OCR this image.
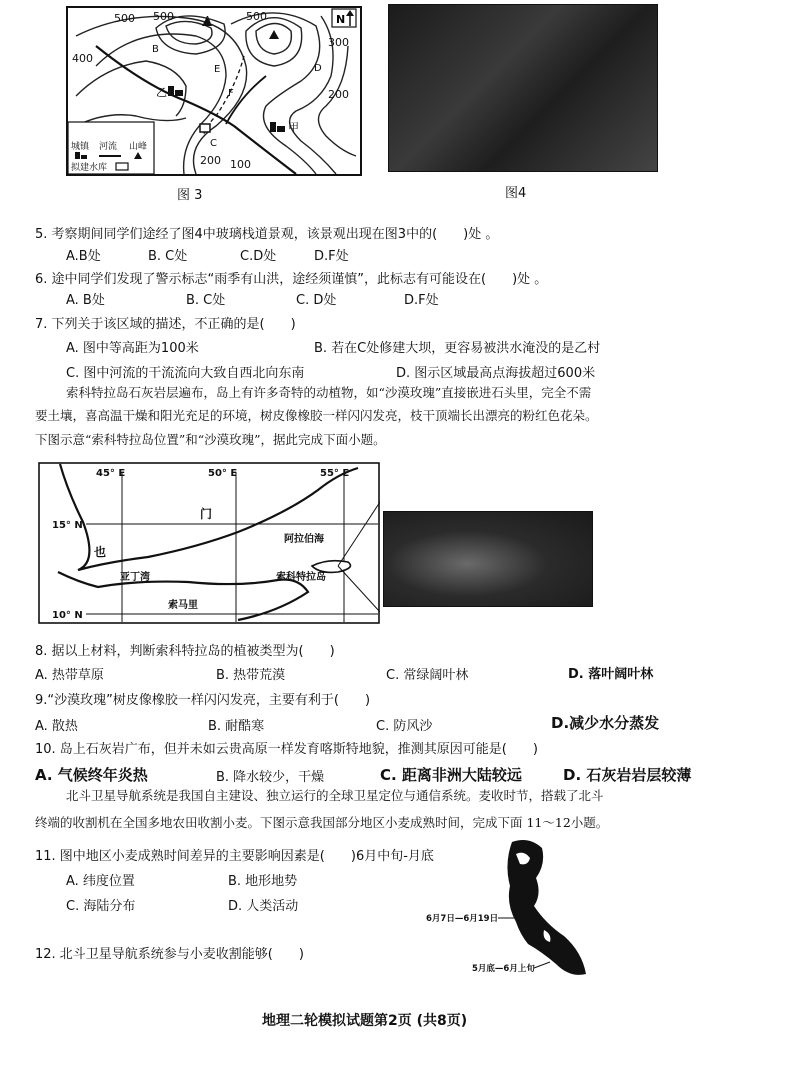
N
500 500	500
400
300
200
200 100
A
B
C
D
E
F
乙
甲
城镇 河流 山峰
拟建水库
图 3	图4
5. 考察期间同学们途经了图4中玻璃栈道景观，该景观出现在图3中的(　　)处 。
A.B处	B. C处	C.D处	D.F处
6. 途中同学们发现了警示标志“雨季有山洪，途经须谨慎”，此标志有可能设在(　　)处 。
A. B处	B. C处	C. D处	D.F处
7. 下列关于该区域的描述，不正确的是(　　)
A. 图中等高距为100米	B. 若在C处修建大坝，更容易被洪水淹没的是乙村
C. 图中河流的干流流向大致自西北向东南	D. 图示区域最高点海拔超过600米
索科特拉岛石灰岩层遍布，岛上有许多奇特的动植物，如“沙漠玫瑰”直接嵌进石头里，完全不需
要土壤，喜高温干燥和阳光充足的环境，树皮像橡胶一样闪闪发亮，枝干顶端长出漂亮的粉红色花朵。
下图示意“索科特拉岛位置”和“沙漠玫瑰”，据此完成下面小题。
45° E	50° E	55° E
15° N
10° N
门
也
亚丁湾
阿拉伯海
索科特拉岛
索马里
8. 据以上材料，判断索科特拉岛的植被类型为(　　)
A. 热带草原	B. 热带荒漠	C. 常绿阔叶林	D. 落叶阔叶林
9.“沙漠玫瑰”树皮像橡胶一样闪闪发亮，主要有利于(　　)
A. 散热	B. 耐酷寒	C. 防风沙	D.减少水分蒸发
10. 岛上石灰岩广布，但并未如云贵高原一样发育喀斯特地貌，推测其原因可能是(　　)
A. 气候终年炎热	B. 降水较少，干燥	C. 距离非洲大陆较远	D. 石灰岩岩层较薄
北斗卫星导航系统是我国自主建设、独立运行的全球卫星定位与通信系统。麦收时节，搭载了北斗
终端的收割机在全国多地农田收割小麦。下图示意我国部分地区小麦成熟时间，完成下面 11～12小题。
11. 图中地区小麦成熟时间差异的主要影响因素是(　　)6月中旬-月底
A. 纬度位置	B. 地形地势
C. 海陆分布	D. 人类活动
12. 北斗卫星导航系统参与小麦收割能够(　　)
6月7日—6月19日
5月底—6月上旬
地理二轮模拟试题第2页 (共8页)
